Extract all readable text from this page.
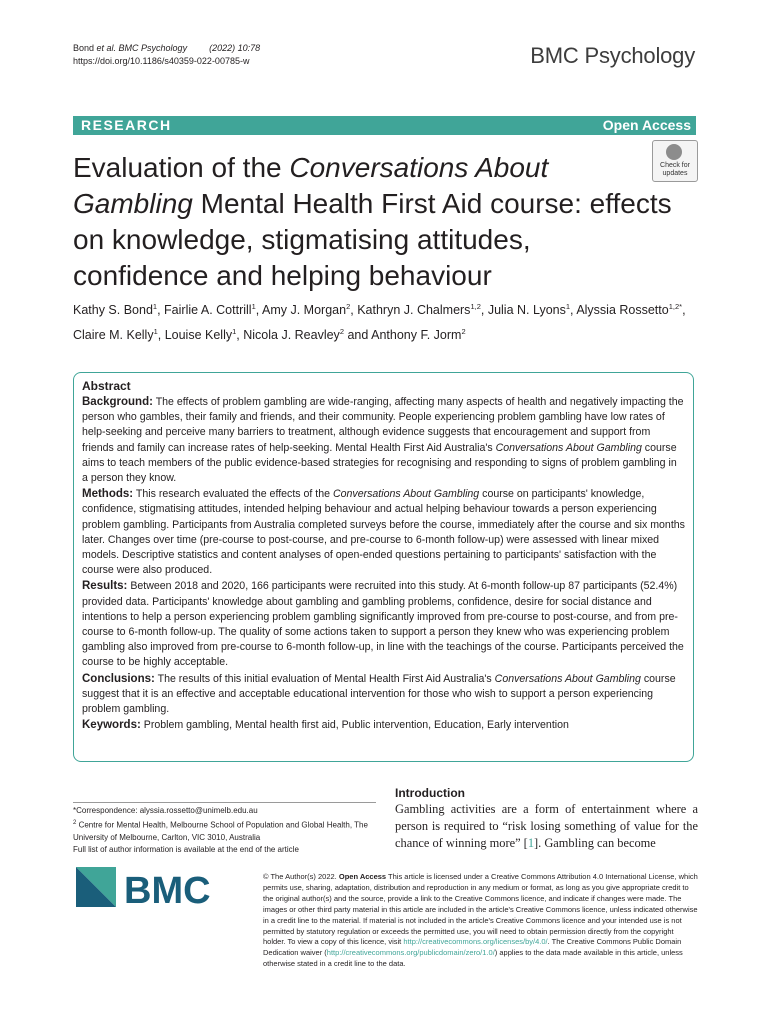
Bond et al. BMC Psychology (2022) 10:78
https://doi.org/10.1186/s40359-022-00785-w	BMC Psychology
RESEARCH	Open Access
Evaluation of the Conversations About Gambling Mental Health First Aid course: effects on knowledge, stigmatising attitudes, confidence and helping behaviour
Check for
updates
Kathy S. Bond$^1$, Fairlie A. Cottrill$^1$, Amy J. Morgan$^2$, Kathryn J. Chalmers$^{1,2}$, Julia N. Lyons$^1$, Alyssia Rossetto$^{1,2*}$, Claire M. Kelly$^1$, Louise Kelly$^1$, Nicola J. Reavley$^2$ and Anthony F. Jorm$^2$
Abstract

Background: The effects of problem gambling are wide-ranging, affecting many aspects of health and negatively impacting the person who gambles, their family and friends, and their community. People experiencing problem gambling have low rates of help-seeking and perceive many barriers to treatment, although evidence suggests that encouragement and support from friends and family can increase rates of help-seeking. Mental Health First Aid Australia's Conversations About Gambling course aims to teach members of the public evidence-based strategies for recognising and responding to signs of problem gambling in a person they know.

Methods: This research evaluated the effects of the Conversations About Gambling course on participants' knowledge, confidence, stigmatising attitudes, intended helping behaviour and actual helping behaviour towards a person experiencing problem gambling. Participants from Australia completed surveys before the course, immediately after the course and six months later. Changes over time (pre-course to post-course, and pre-course to 6-month follow-up) were assessed with linear mixed models. Descriptive statistics and content analyses of open-ended questions pertaining to participants' satisfaction with the course were also produced.

Results: Between 2018 and 2020, 166 participants were recruited into this study. At 6-month follow-up 87 participants (52.4%) provided data. Participants' knowledge about gambling and gambling problems, confidence, desire for social distance and intentions to help a person experiencing problem gambling significantly improved from pre-course to post-course, and from pre-course to 6-month follow-up. The quality of some actions taken to support a person they knew who was experiencing problem gambling also improved from pre-course to 6-month follow-up, in line with the teachings of the course. Participants perceived the course to be highly acceptable.

Conclusions: The results of this initial evaluation of Mental Health First Aid Australia's Conversations About Gambling course suggest that it is an effective and acceptable educational intervention for those who wish to support a person experiencing problem gambling.

Keywords: Problem gambling, Mental health first aid, Public intervention, Education, Early intervention

*Correspondence: alyssia.rossetto@unimelb.edu.au
$^2$ Centre for Mental Health, Melbourne School of Population and Global Health, The University of Melbourne, Carlton, VIC 3010, Australia
Full list of author information is available at the end of the article
Introduction
Gambling activities are a form of entertainment where a person is required to “risk losing something of value for the chance of winning more” [1]. Gambling can become
BMC	© The Author(s) 2022. Open Access This article is licensed under a Creative Commons Attribution 4.0 International License, which permits use, sharing, adaptation, distribution and reproduction in any medium or format, as long as you give appropriate credit to the original author(s) and the source, provide a link to the Creative Commons licence, and indicate if changes were made. The images or other third party material in this article are included in the article's Creative Commons licence, unless indicated otherwise in a credit line to the material. If material is not included in the article's Creative Commons licence and your intended use is not permitted by statutory regulation or exceeds the permitted use, you will need to obtain permission directly from the copyright holder. To view a copy of this licence, visit http://creativecommons.org/licenses/by/4.0/. The Creative Commons Public Domain Dedication waiver (http://creativecommons.org/publicdomain/zero/1.0/) applies to the data made available in this article, unless otherwise stated in a credit line to the data.
